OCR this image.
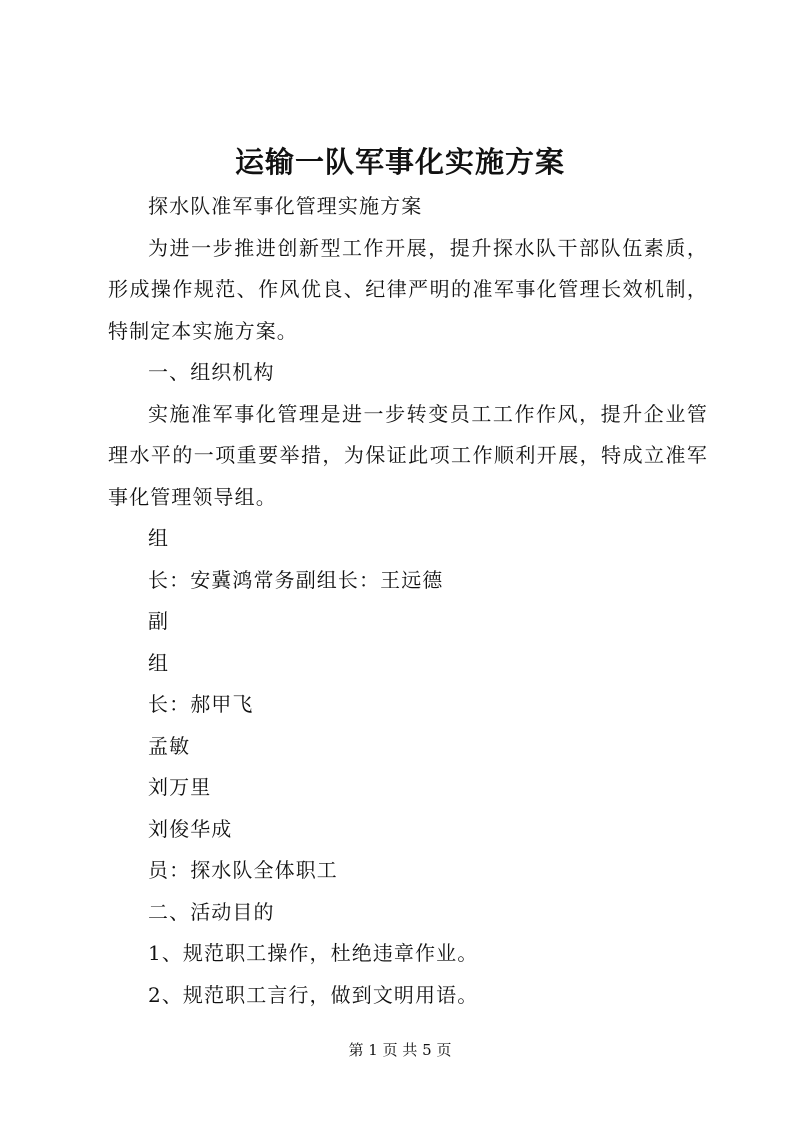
运输一队军事化实施方案

探水队准军事化管理实施方案

为进一步推进创新型工作开展，提升探水队干部队伍素质，形成操作规范、作风优良、纪律严明的准军事化管理长效机制，特制定本实施方案。

一、组织机构

实施准军事化管理是进一步转变员工工作作风，提升企业管理水平的一项重要举措，为保证此项工作顺利开展，特成立准军事化管理领导组。

组

长：安冀鸿常务副组长：王远德

副

组

长：郝甲飞

孟敏

刘万里

刘俊华成

员：探水队全体职工

二、活动目的

1、规范职工操作，杜绝违章作业。

2、规范职工言行，做到文明用语。

第 1 页 共 5 页
